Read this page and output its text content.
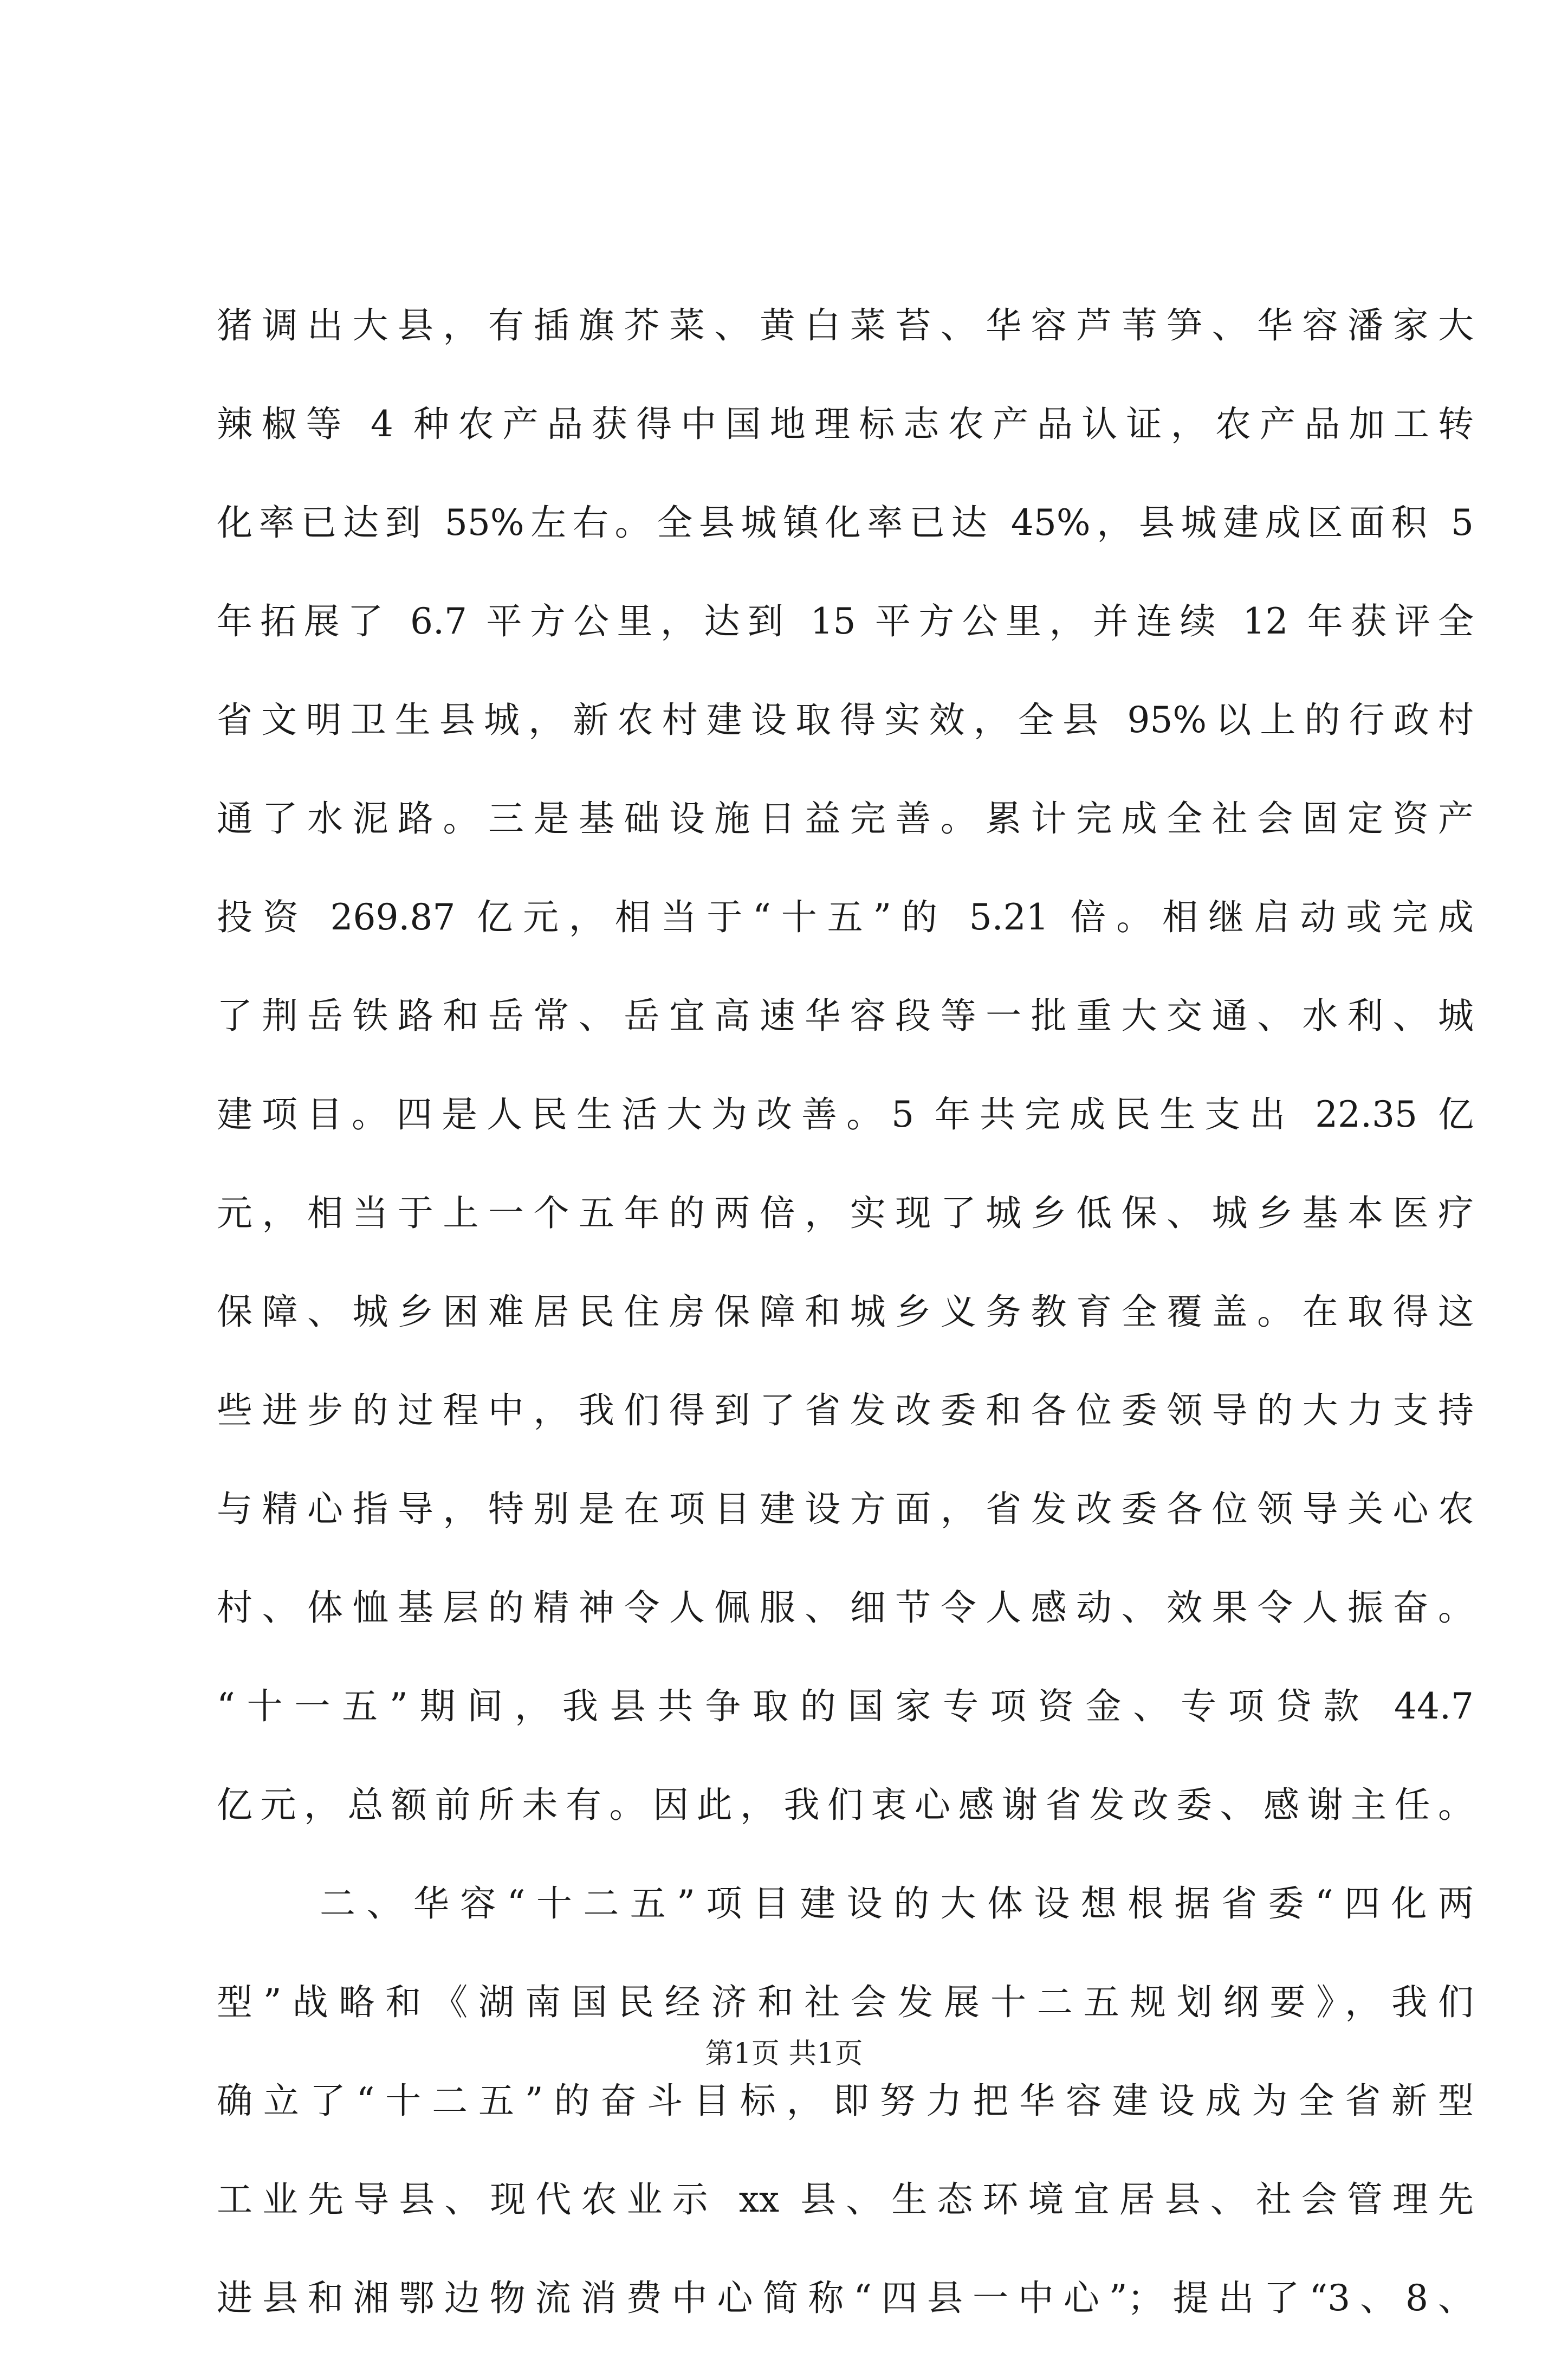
猪调出大县，有插旗芥菜、黄白菜苔、华容芦苇笋、华容潘家大
辣椒等 4 种农产品获得中国地理标志农产品认证，农产品加工转
化率已达到 55%左右。全县城镇化率已达 45%，县城建成区面积 5
年拓展了 6.7 平方公里，达到 15 平方公里，并连续 12 年获评全
省文明卫生县城，新农村建设取得实效，全县 95%以上的行政村
通了水泥路。三是基础设施日益完善。累计完成全社会固定资产
投资 269.87 亿元，相当于“十五”的 5.21 倍。相继启动或完成
了荆岳铁路和岳常、岳宜高速华容段等一批重大交通、水利、城
建项目。四是人民生活大为改善。5 年共完成民生支出 22.35 亿
元，相当于上一个五年的两倍，实现了城乡低保、城乡基本医疗
保障、城乡困难居民住房保障和城乡义务教育全覆盖。在取得这
些进步的过程中，我们得到了省发改委和各位委领导的大力支持
与精心指导，特别是在项目建设方面，省发改委各位领导关心农
村、体恤基层的精神令人佩服、细节令人感动、效果令人振奋。
“十一五”期间，我县共争取的国家专项资金、专项贷款 44.7
亿元，总额前所未有。因此，我们衷心感谢省发改委、感谢主任。
二、华容“十二五”项目建设的大体设想根据省委“四化两
型”战略和《湖南国民经济和社会发展十二五规划纲要》，我们
确立了“十二五”的奋斗目标，即努力把华容建设成为全省新型
工业先导县、现代农业示 xx 县、生态环境宜居县、社会管理先
进县和湘鄂边物流消费中心简称“四县一中心”；提出了“3、8、
第1页 共1页
